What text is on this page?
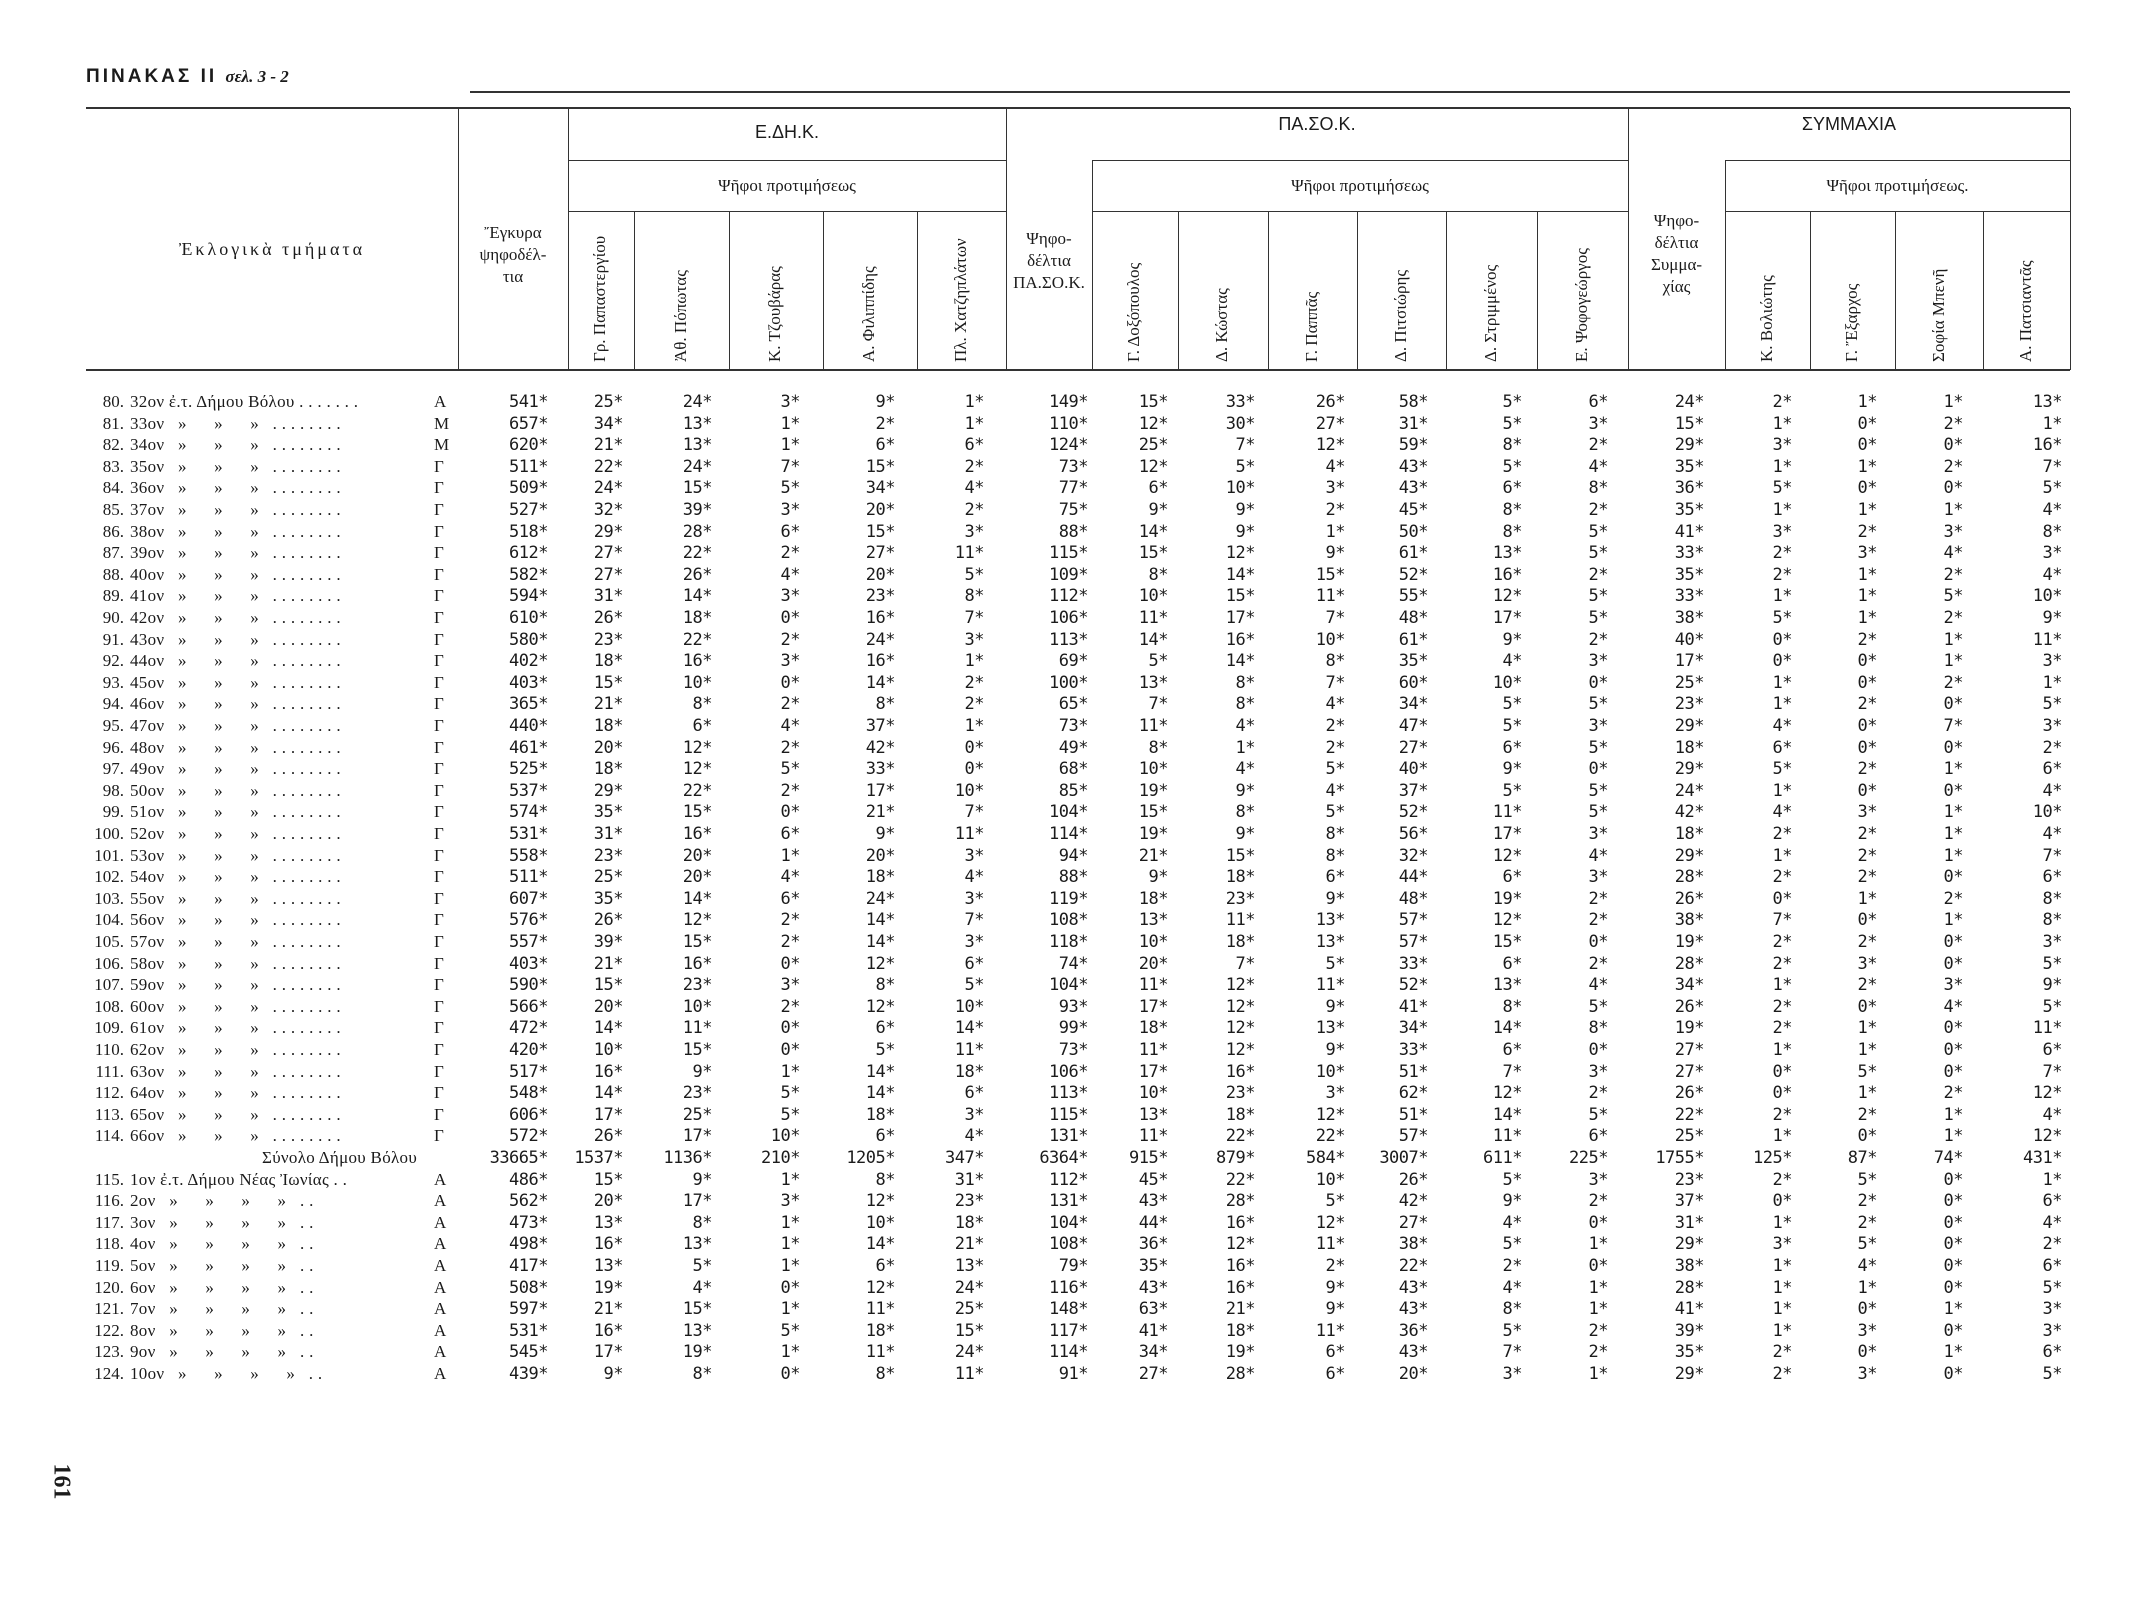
ΠΙΝΑΚΑΣ ΙΙ σελ. 3 - 2
161
Ἐκλογικὰ τμήματα
Ἔγκυρα
ψηφοδέλ-
τια
Ε.ΔΗ.Κ.	ΠΑ.ΣΟ.Κ.	ΣΥΜΜΑΧΙΑ
Ψῆφοι προτιμήσεως	Ψῆφοι προτιμήσεως	Ψῆφοι προτιμήσεως.
Ψηφο-
δέλτια
ΠΑ.ΣΟ.Κ.
Ψηφο-
δέλτια
Συμμα-
χίας
Γρ. Παπαστεργίου	Ἀθ. Πόπωτας	Κ. Τζουβάρας	Α. Φιλιππίδης	Πλ. Χατζηπλάτων	Γ. Δοξόπουλος	Δ. Κώστας	Γ. Παππᾶς	Δ. Πιτσιώρης	Δ. Στριμμένος	Ε. Ψοφογεώργος	Κ. Βολιώτης	Γ. Ἔξαρχος	Σοφία Μπενῆ	Α. Πατσιαντᾶς
80. 32ον ἐ.τ. Δήμου Βόλου . . . . . . .	Α	541*	25*	24*	3*	9*	1*	149*	15*	33*	26*	58*	5*	6*	24*	2*	1*	1*	13*
81. 33ον   »      »      »   . . . . . . . .	Μ	657*	34*	13*	1*	2*	1*	110*	12*	30*	27*	31*	5*	3*	15*	1*	0*	2*	1*
82. 34ον   »      »      »   . . . . . . . .	Μ	620*	21*	13*	1*	6*	6*	124*	25*	7*	12*	59*	8*	2*	29*	3*	0*	0*	16*
83. 35ον   »      »      »   . . . . . . . .	Γ	511*	22*	24*	7*	15*	2*	73*	12*	5*	4*	43*	5*	4*	35*	1*	1*	2*	7*
84. 36ον   »      »      »   . . . . . . . .	Γ	509*	24*	15*	5*	34*	4*	77*	6*	10*	3*	43*	6*	8*	36*	5*	0*	0*	5*
85. 37ον   »      »      »   . . . . . . . .	Γ	527*	32*	39*	3*	20*	2*	75*	9*	9*	2*	45*	8*	2*	35*	1*	1*	1*	4*
86. 38ον   »      »      »   . . . . . . . .	Γ	518*	29*	28*	6*	15*	3*	88*	14*	9*	1*	50*	8*	5*	41*	3*	2*	3*	8*
87. 39ον   »      »      »   . . . . . . . .	Γ	612*	27*	22*	2*	27*	11*	115*	15*	12*	9*	61*	13*	5*	33*	2*	3*	4*	3*
88. 40ον   »      »      »   . . . . . . . .	Γ	582*	27*	26*	4*	20*	5*	109*	8*	14*	15*	52*	16*	2*	35*	2*	1*	2*	4*
89. 41ον   »      »      »   . . . . . . . .	Γ	594*	31*	14*	3*	23*	8*	112*	10*	15*	11*	55*	12*	5*	33*	1*	1*	5*	10*
90. 42ον   »      »      »   . . . . . . . .	Γ	610*	26*	18*	0*	16*	7*	106*	11*	17*	7*	48*	17*	5*	38*	5*	1*	2*	9*
91. 43ον   »      »      »   . . . . . . . .	Γ	580*	23*	22*	2*	24*	3*	113*	14*	16*	10*	61*	9*	2*	40*	0*	2*	1*	11*
92. 44ον   »      »      »   . . . . . . . .	Γ	402*	18*	16*	3*	16*	1*	69*	5*	14*	8*	35*	4*	3*	17*	0*	0*	1*	3*
93. 45ον   »      »      »   . . . . . . . .	Γ	403*	15*	10*	0*	14*	2*	100*	13*	8*	7*	60*	10*	0*	25*	1*	0*	2*	1*
94. 46ον   »      »      »   . . . . . . . .	Γ	365*	21*	8*	2*	8*	2*	65*	7*	8*	4*	34*	5*	5*	23*	1*	2*	0*	5*
95. 47ον   »      »      »   . . . . . . . .	Γ	440*	18*	6*	4*	37*	1*	73*	11*	4*	2*	47*	5*	3*	29*	4*	0*	7*	3*
96. 48ον   »      »      »   . . . . . . . .	Γ	461*	20*	12*	2*	42*	0*	49*	8*	1*	2*	27*	6*	5*	18*	6*	0*	0*	2*
97. 49ον   »      »      »   . . . . . . . .	Γ	525*	18*	12*	5*	33*	0*	68*	10*	4*	5*	40*	9*	0*	29*	5*	2*	1*	6*
98. 50ον   »      »      »   . . . . . . . .	Γ	537*	29*	22*	2*	17*	10*	85*	19*	9*	4*	37*	5*	5*	24*	1*	0*	0*	4*
99. 51ον   »      »      »   . . . . . . . .	Γ	574*	35*	15*	0*	21*	7*	104*	15*	8*	5*	52*	11*	5*	42*	4*	3*	1*	10*
100. 52ον   »      »      »   . . . . . . . .	Γ	531*	31*	16*	6*	9*	11*	114*	19*	9*	8*	56*	17*	3*	18*	2*	2*	1*	4*
101. 53ον   »      »      »   . . . . . . . .	Γ	558*	23*	20*	1*	20*	3*	94*	21*	15*	8*	32*	12*	4*	29*	1*	2*	1*	7*
102. 54ον   »      »      »   . . . . . . . .	Γ	511*	25*	20*	4*	18*	4*	88*	9*	18*	6*	44*	6*	3*	28*	2*	2*	0*	6*
103. 55ον   »      »      »   . . . . . . . .	Γ	607*	35*	14*	6*	24*	3*	119*	18*	23*	9*	48*	19*	2*	26*	0*	1*	2*	8*
104. 56ον   »      »      »   . . . . . . . .	Γ	576*	26*	12*	2*	14*	7*	108*	13*	11*	13*	57*	12*	2*	38*	7*	0*	1*	8*
105. 57ον   »      »      »   . . . . . . . .	Γ	557*	39*	15*	2*	14*	3*	118*	10*	18*	13*	57*	15*	0*	19*	2*	2*	0*	3*
106. 58ον   »      »      »   . . . . . . . .	Γ	403*	21*	16*	0*	12*	6*	74*	20*	7*	5*	33*	6*	2*	28*	2*	3*	0*	5*
107. 59ον   »      »      »   . . . . . . . .	Γ	590*	15*	23*	3*	8*	5*	104*	11*	12*	11*	52*	13*	4*	34*	1*	2*	3*	9*
108. 60ον   »      »      »   . . . . . . . .	Γ	566*	20*	10*	2*	12*	10*	93*	17*	12*	9*	41*	8*	5*	26*	2*	0*	4*	5*
109. 61ον   »      »      »   . . . . . . . .	Γ	472*	14*	11*	0*	6*	14*	99*	18*	12*	13*	34*	14*	8*	19*	2*	1*	0*	11*
110. 62ον   »      »      »   . . . . . . . .	Γ	420*	10*	15*	0*	5*	11*	73*	11*	12*	9*	33*	6*	0*	27*	1*	1*	0*	6*
111. 63ον   »      »      »   . . . . . . . .	Γ	517*	16*	9*	1*	14*	18*	106*	17*	16*	10*	51*	7*	3*	27*	0*	5*	0*	7*
112. 64ον   »      »      »   . . . . . . . .	Γ	548*	14*	23*	5*	14*	6*	113*	10*	23*	3*	62*	12*	2*	26*	0*	1*	2*	12*
113. 65ον   »      »      »   . . . . . . . .	Γ	606*	17*	25*	5*	18*	3*	115*	13*	18*	12*	51*	14*	5*	22*	2*	2*	1*	4*
114. 66ον   »      »      »   . . . . . . . .	Γ	572*	26*	17*	10*	6*	4*	131*	11*	22*	22*	57*	11*	6*	25*	1*	0*	1*	12*
Σύνολο Δήμου Βόλου	33665* 1537* 1136*	210*	1205*	347*	6364* 915*	879*	584* 3007*	611*	225*	1755*	125*	87*	74*	431*
115. 1ον ἐ.τ. Δήμου Νέας Ἰωνίας . .	Α	486*	15*	9*	1*	8*	31*	112*	45*	22*	10*	26*	5*	3*	23*	2*	5*	0*	1*
116. 2ον   »      »      »      »   . .	Α	562*	20*	17*	3*	12*	23*	131*	43*	28*	5*	42*	9*	2*	37*	0*	2*	0*	6*
117. 3ον   »      »      »      »   . .	Α	473*	13*	8*	1*	10*	18*	104*	44*	16*	12*	27*	4*	0*	31*	1*	2*	0*	4*
118. 4ον   »      »      »      »   . .	Α	498*	16*	13*	1*	14*	21*	108*	36*	12*	11*	38*	5*	1*	29*	3*	5*	0*	2*
119. 5ον   »      »      »      »   . .	Α	417*	13*	5*	1*	6*	13*	79*	35*	16*	2*	22*	2*	0*	38*	1*	4*	0*	6*
120. 6ον   »      »      »      »   . .	Α	508*	19*	4*	0*	12*	24*	116*	43*	16*	9*	43*	4*	1*	28*	1*	1*	0*	5*
121. 7ον   »      »      »      »   . .	Α	597*	21*	15*	1*	11*	25*	148*	63*	21*	9*	43*	8*	1*	41*	1*	0*	1*	3*
122. 8ον   »      »      »      »   . .	Α	531*	16*	13*	5*	18*	15*	117*	41*	18*	11*	36*	5*	2*	39*	1*	3*	0*	3*
123. 9ον   »      »      »      »   . .	Α	545*	17*	19*	1*	11*	24*	114*	34*	19*	6*	43*	7*	2*	35*	2*	0*	1*	6*
124. 10ον   »      »      »      »   . .	Α	439*	9*	8*	0*	8*	11*	91*	27*	28*	6*	20*	3*	1*	29*	2*	3*	0*	5*
